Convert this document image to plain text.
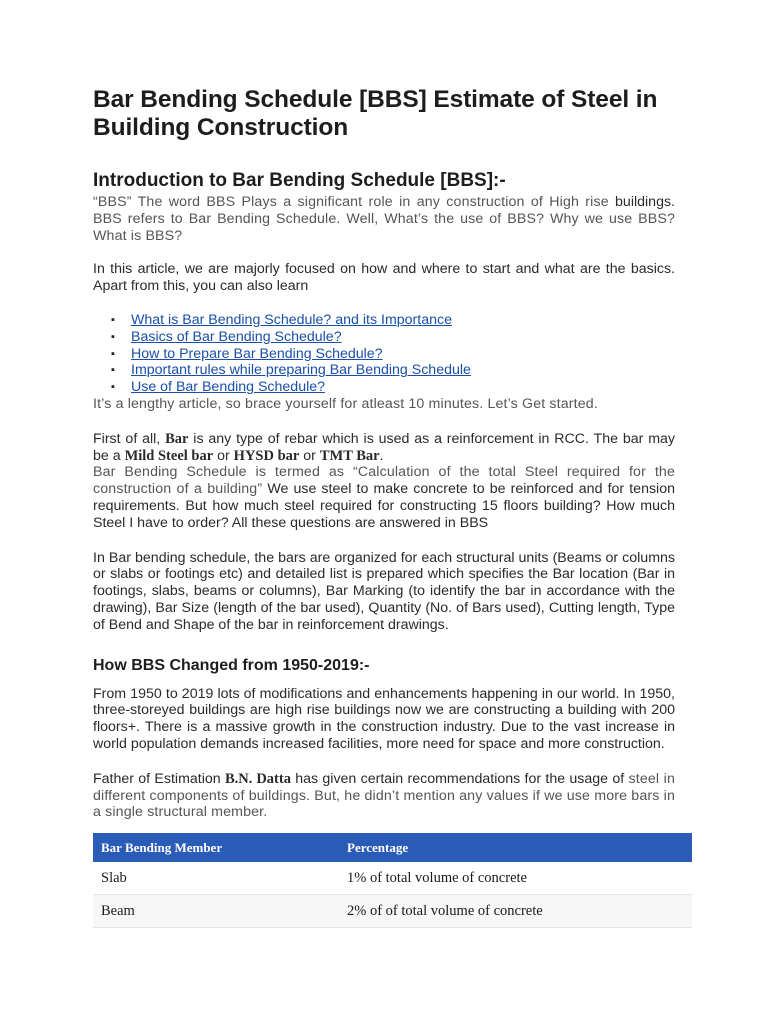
Bar Bending Schedule [BBS] Estimate of Steel in Building Construction
Introduction to Bar Bending Schedule [BBS]:-

“BBS” The word BBS Plays a significant role in any construction of High rise buildings. BBS refers to Bar Bending Schedule. Well, What’s the use of BBS? Why we use BBS? What is BBS?

In this article, we are majorly focused on how and where to start and what are the basics. Apart from this, you can also learn

▪ What is Bar Bending Schedule? and its Importance
▪ Basics of Bar Bending Schedule?
▪ How to Prepare Bar Bending Schedule?
▪ Important rules while preparing Bar Bending Schedule
▪ Use of Bar Bending Schedule?

It’s a lengthy article, so brace yourself for atleast 10 minutes. Let’s Get started.

First of all, Bar is any type of rebar which is used as a reinforcement in RCC. The bar may be a Mild Steel bar or HYSD bar or TMT Bar.

Bar Bending Schedule is termed as “Calculation of the total Steel required for the construction of a building” We use steel to make concrete to be reinforced and for tension requirements. But how much steel required for constructing 15 floors building? How much Steel I have to order? All these questions are answered in BBS

In Bar bending schedule, the bars are organized for each structural units (Beams or columns or slabs or footings etc) and detailed list is prepared which specifies the Bar location (Bar in footings, slabs, beams or columns), Bar Marking (to identify the bar in accordance with the drawing), Bar Size (length of the bar used), Quantity (No. of Bars used), Cutting length, Type of Bend and Shape of the bar in reinforcement drawings.

How BBS Changed from 1950-2019:-

From 1950 to 2019 lots of modifications and enhancements happening in our world. In 1950, three-storeyed buildings are high rise buildings now we are constructing a building with 200 floors+. There is a massive growth in the construction industry. Due to the vast increase in world population demands increased facilities, more need for space and more construction.

Father of Estimation B.N. Datta has given certain recommendations for the usage of steel in different components of buildings. But, he didn’t mention any values if we use more bars in a single structural member.

Bar Bending Member	Percentage
Slab	1% of total volume of concrete
Beam	2% of of total volume of concrete
